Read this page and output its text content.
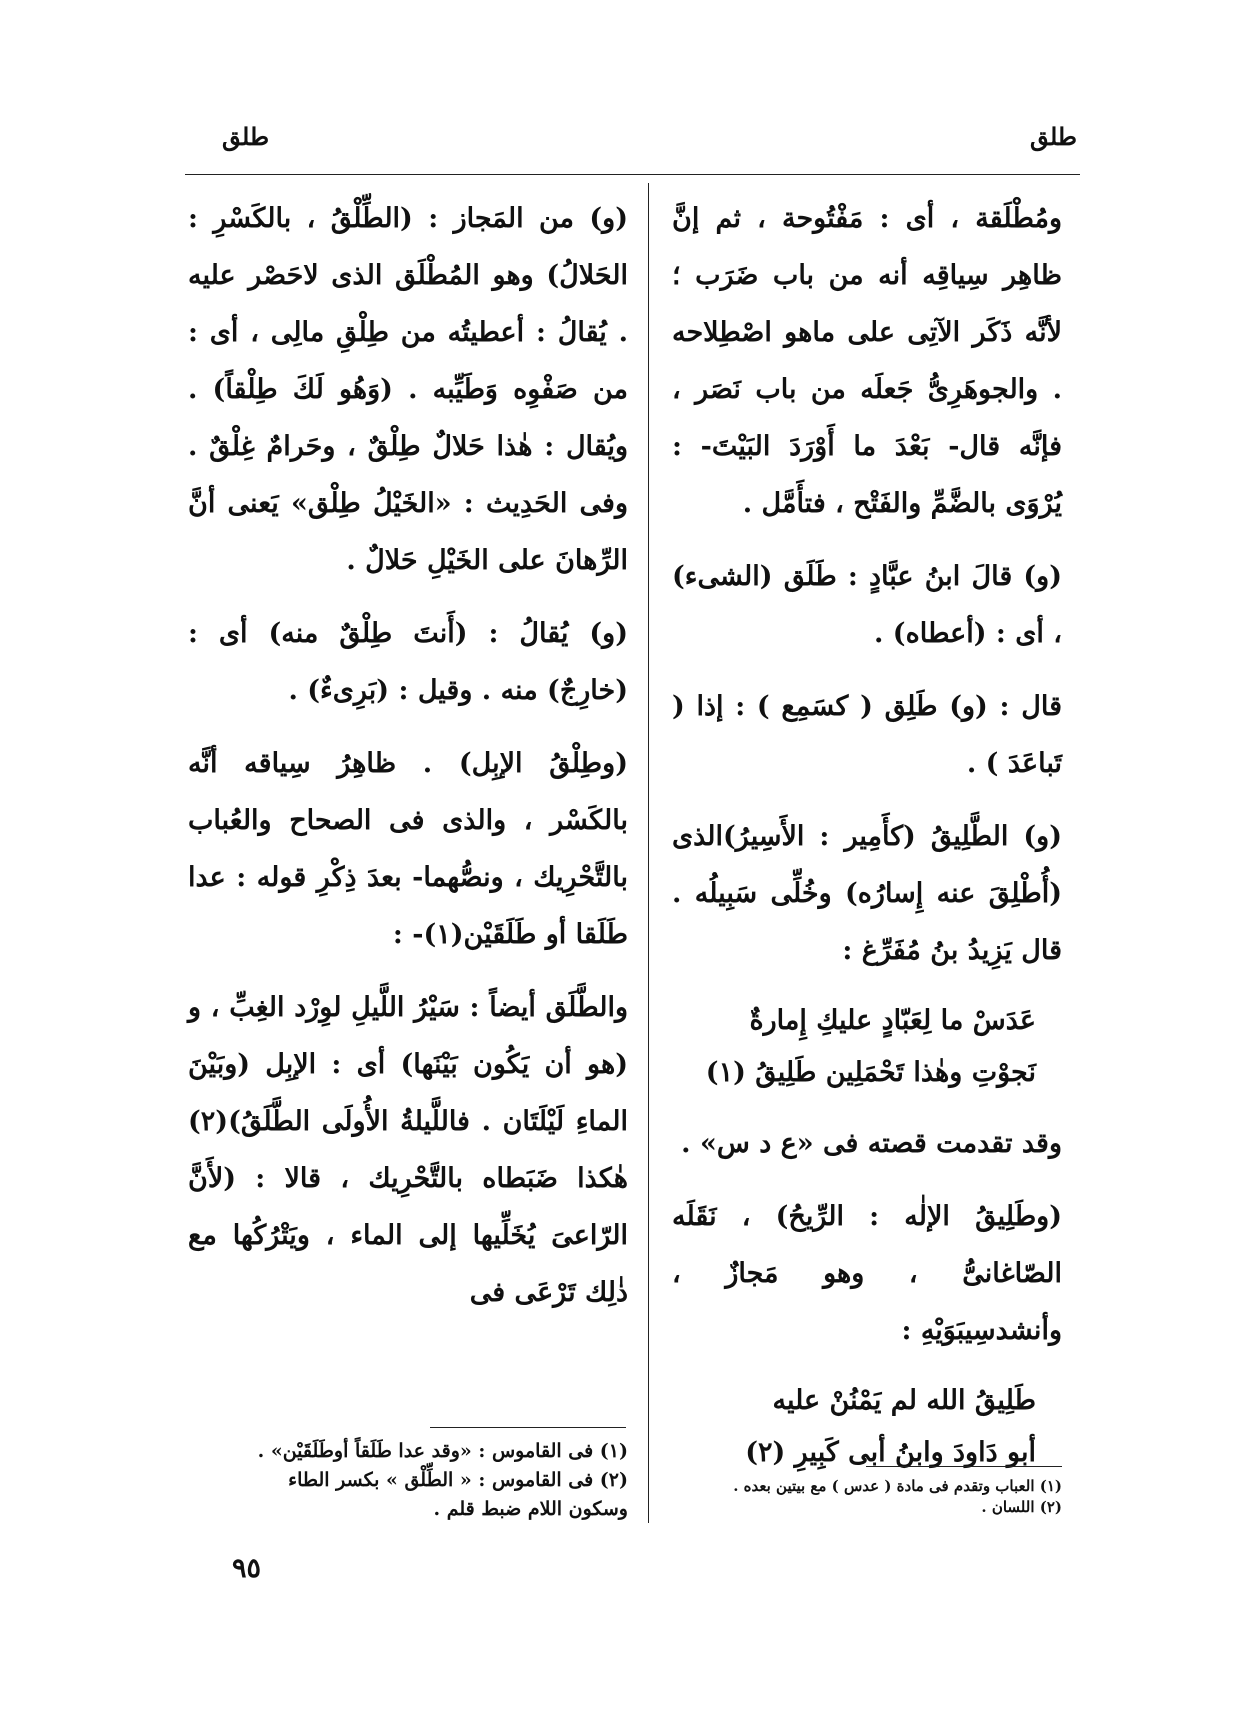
طلق
طلق

ومُطْلَقة ، أى : مَفْتُوحة ، ثم إنَّ ظاهِر سِياقِه أنه من باب ضَرَب ؛ لأنَّه ذَكَر الآتِى على ماهو اصْطِلاحه . والجوهَرِىُّ جَعلَه من باب نَصَر ، فإنَّه قال- بَعْدَ ما أَوْرَدَ البَيْتَ- : يُرْوَى بالضَّمِّ والفَتْح ، فتأَمَّل .

(و) قالَ ابنُ عبَّادٍ : طَلَق (الشىء) ، أى : (أعطاه) .

قال : (و) طَلِق ( كسَمِع ) : إذا ( تَباعَدَ ) .

(و) الطَّلِيقُ (كأَمِير : الأَسِيرُ)الذى (أُطْلِقَ عنه إِسارُه) وخُلِّى سَبِيلُه . قال يَزِيدُ بنُ مُفَرِّغ :

عَدَسْ ما لِعَبّادٍ عليكِ إِمارةٌ
نَجوْتِ وهٰذا تَحْمَلِين طَلِيقُ (١)

وقد تقدمت قصته فى «ع د س» .

(وطَلِيقُ الإلٰه : الرِّيحُ) ، نَقَلَه الصّاغانىُّ ، وهو مَجازٌ ، وأنشدسِيبَوَيْهِ :

طَلِيقُ الله لم يَمْنُنْ عليه
أبو دَاودَ وابنُ أبى كَبِيرِ (٢)

(و) من المَجاز : (الطِّلْقُ ، بالكَسْرِ : الحَلالُ) وهو المُطْلَق الذى لاحَصْر عليه . يُقالُ : أعطيتُه من طِلْقِ مالِى ، أى : من صَفْوِه وَطَيِّبه . (وَهُو لَكَ طِلْقاً) . ويُقال : هٰذا حَلالٌ طِلْقٌ ، وحَرامٌ غِلْقٌ . وفى الحَدِيث : «الخَيْلُ طِلْق» يَعنى أنَّ الرِّهانَ على الخَيْلِ حَلالٌ .

(و) يُقالُ : (أَنتَ طِلْقٌ منه) أى : (خارِجٌ) منه . وقيل : (بَرِىءٌ) .

(وطِلْقُ الإبِل) . ظاهِرُ سِياقه أنَّه بالكَسْر ، والذى فى الصحاح والعُباب بالتَّحْرِيك ، ونصُّهما- بعدَ ذِكْرِ قوله : عدا طَلَقا أو طَلَقَيْن(١)- :

والطَّلَق أيضاً : سَيْرُ اللَّيلِ لوِرْد الغِبِّ ، و (هو أن يَكُون بَيْنَها) أى : الإبِل (وبَيْنَ الماءِ لَيْلَتَان . فاللَّيلةُ الأُولَى الطَّلَقُ)(٢) هٰكذا ضَبَطاه بالتَّحْرِيك ، قالا : (لأَنَّ الرّاعىَ يُخَلِّيها إلى الماء ، ويَتْرُكُها مع ذٰلِك تَرْعَى فى

(١) العباب وتقدم فى مادة ( عدس ) مع بيتين بعده .
(٢) اللسان .
(١) فى القاموس : «وقد عدا طَلَقاً أوطَلَقَيْن» .
(٢) فى القاموس : « الطِّلْق » بكسر الطاء
وسكون اللام ضبط قلم .
٩٥
